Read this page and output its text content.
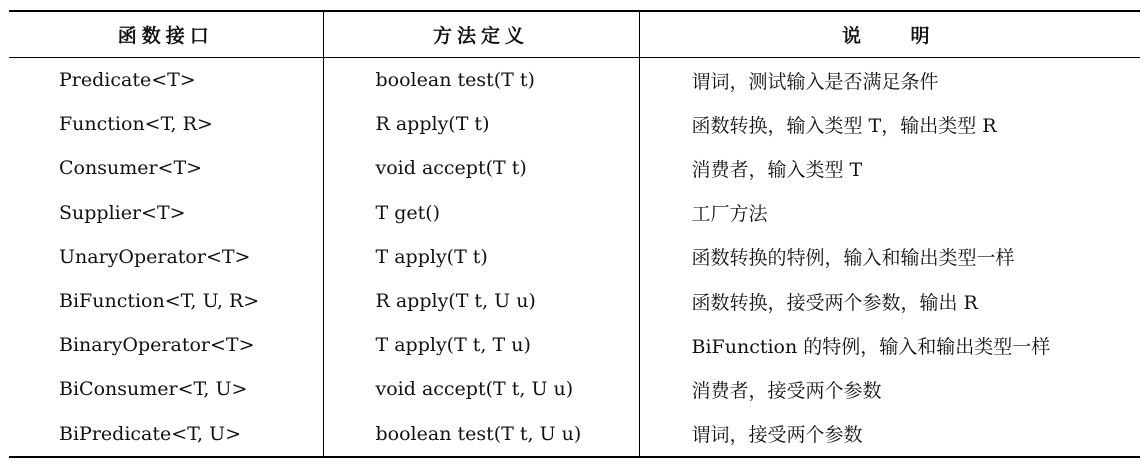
函数接口	方法定义	说　 明
Predicate<T>	boolean test(T t)	谓词，测试输入是否满足条件
Function<T, R>	R apply(T t)	函数转换，输入类型 T，输出类型 R
Consumer<T>	void accept(T t)	消费者，输入类型 T
Supplier<T>	T get()	工厂方法
UnaryOperator<T>	T apply(T t)	函数转换的特例，输入和输出类型一样
BiFunction<T, U, R>	R apply(T t, U u)	函数转换，接受两个参数，输出 R
BinaryOperator<T>	T apply(T t, T u)	BiFunction 的特例，输入和输出类型一样
BiConsumer<T, U>	void accept(T t, U u)	消费者，接受两个参数
BiPredicate<T, U>	boolean test(T t, U u)	谓词，接受两个参数
